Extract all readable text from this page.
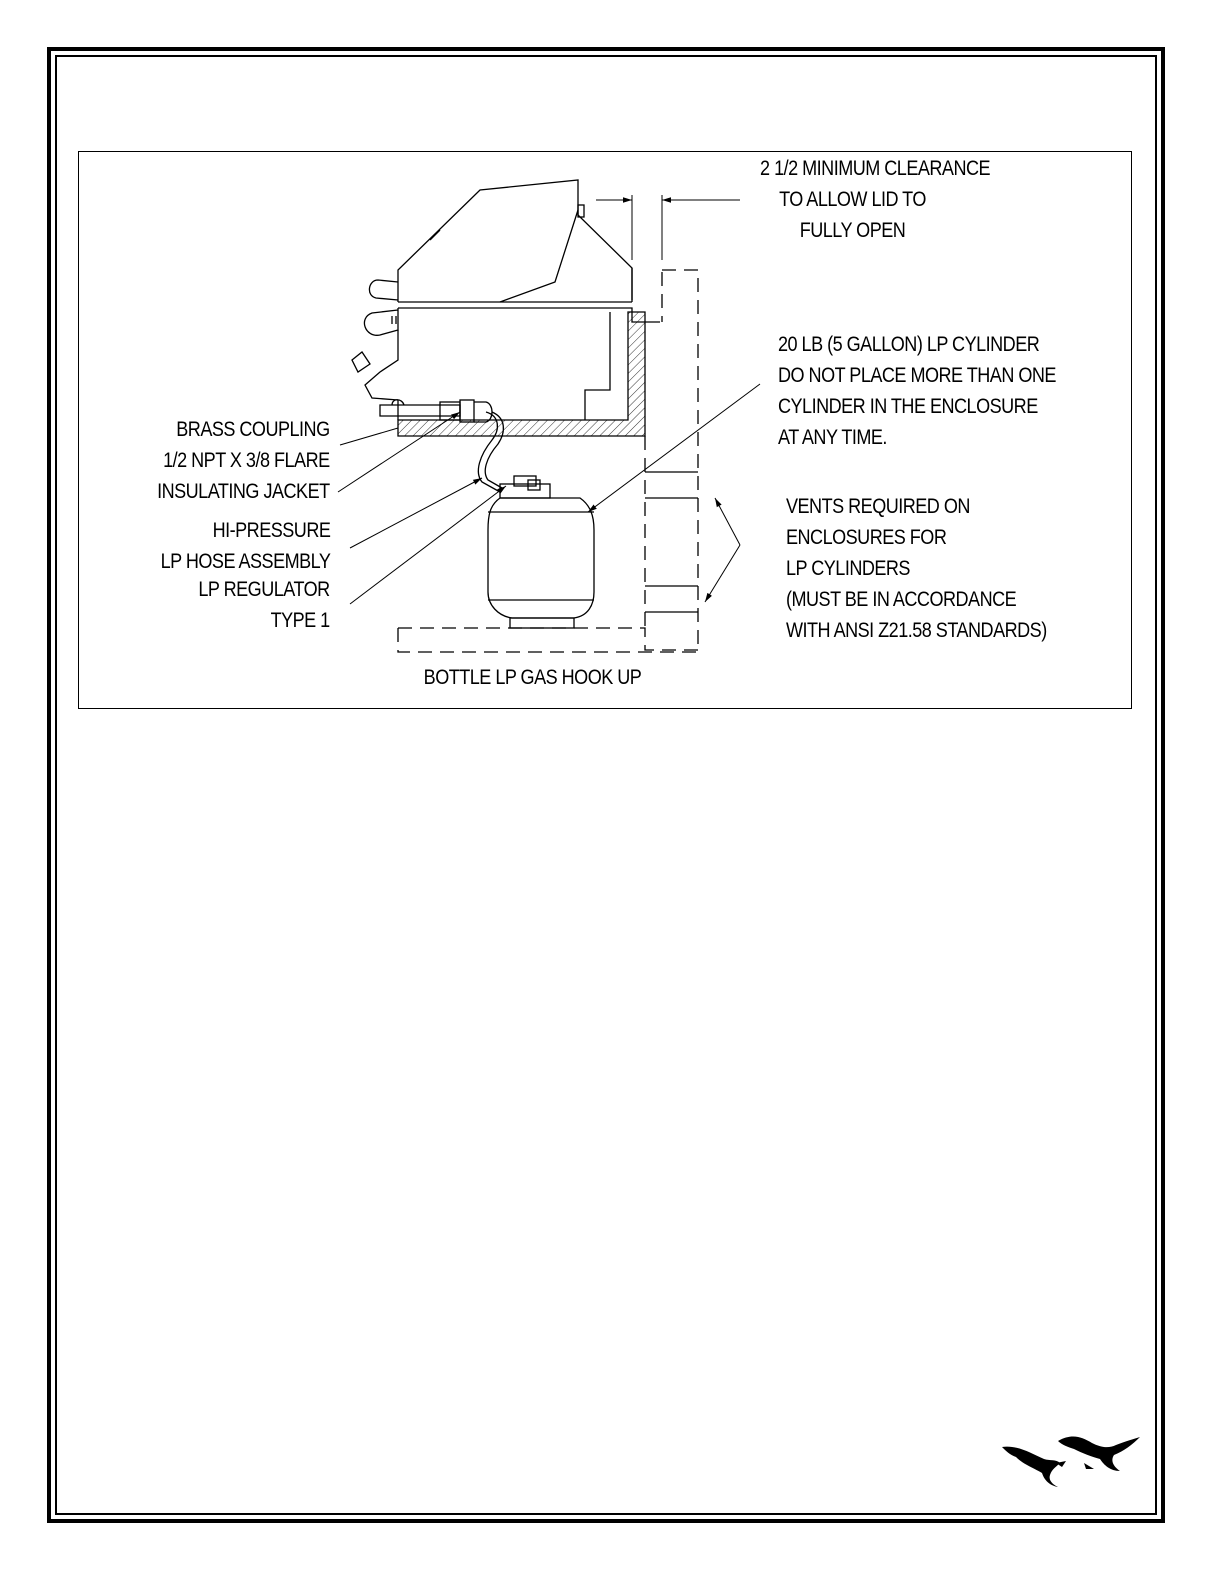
2 1/2 MINIMUM CLEARANCE
TO ALLOW LID TO
FULLY OPEN
20 LB (5 GALLON) LP CYLINDER
DO NOT PLACE MORE THAN ONE
CYLINDER IN THE ENCLOSURE
AT ANY TIME.
VENTS REQUIRED ON
ENCLOSURES FOR
LP CYLINDERS
(MUST BE IN ACCORDANCE
WITH ANSI Z21.58 STANDARDS)
BRASS COUPLING
1/2 NPT X 3/8 FLARE
INSULATING JACKET
HI-PRESSURE
LP HOSE ASSEMBLY
LP REGULATOR
TYPE 1
BOTTLE LP GAS HOOK UP
